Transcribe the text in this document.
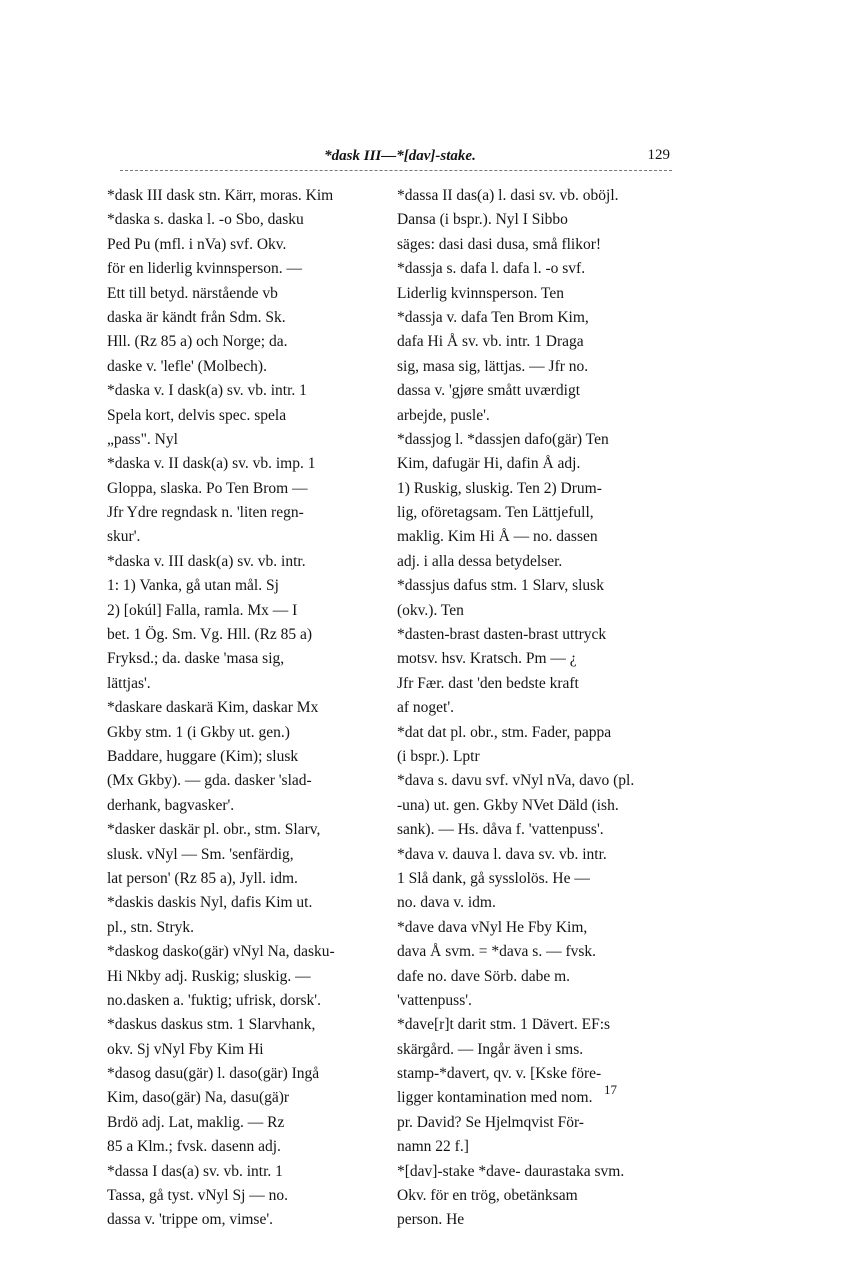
*dask III—*[dav]-stake.	129
*dask III dask stn. Kärr, moras. Kim
*daska s. daska l. -o Sbo, dasku
Ped Pu (mfl. i nVa) svf. Okv.
för en liderlig kvinnsperson. —
Ett till betyd. närstående vb
daska är kändt från Sdm. Sk.
Hll. (Rz 85 a) och Norge; da.
daske v. 'lefle' (Molbech).
*daska v. I dask(a) sv. vb. intr. 1
Spela kort, delvis spec. spela
„pass". Nyl
*daska v. II dask(a) sv. vb. imp. 1
Gloppa, slaska. Po Ten Brom —
Jfr Ydre regndask n. 'liten regn-
skur'.
*daska v. III dask(a) sv. vb. intr.
1: 1) Vanka, gå utan mål. Sj
2) [okúl] Falla, ramla. Mx — I
bet. 1 Ög. Sm. Vg. Hll. (Rz 85 a)
Fryksd.; da. daske 'masa sig,
lättjas'.
*daskare daskarä Kim, daskar Mx
Gkby stm. 1 (i Gkby ut. gen.)
Baddare, huggare (Kim); slusk
(Mx Gkby). — gda. dasker 'slad-
derhank, bagvasker'.
*dasker daskär pl. obr., stm. Slarv,
slusk. vNyl — Sm. 'senfärdig,
lat person' (Rz 85 a), Jyll. idm.
*daskis daskis Nyl, dafis Kim ut.
pl., stn. Stryk.
*daskog dasko(gär) vNyl Na, dasku-
Hi Nkby adj. Ruskig; sluskig. —
no.dasken a. 'fuktig; ufrisk, dorsk'.
*daskus daskus stm. 1 Slarvhank,
okv. Sj vNyl Fby Kim Hi
*dasog dasu(gär) l. daso(gär) Ingå
Kim, daso(gär) Na, dasu(gä)r
Brdö adj. Lat, maklig. — Rz
85 a Klm.; fvsk. dasenn adj.
*dassa I das(a) sv. vb. intr. 1
Tassa, gå tyst. vNyl Sj — no.
dassa v. 'trippe om, vimse'.
*dassa II das(a) l. dasi sv. vb. oböjl.
Dansa (i bspr.). Nyl I Sibbo
säges: dasi dasi dusa, små flikor!
*dassja s. dafa l. dafa l. -o svf.
Liderlig kvinnsperson. Ten
*dassja v. dafa Ten Brom Kim,
dafa Hi Å sv. vb. intr. 1 Draga
sig, masa sig, lättjas. — Jfr no.
dassa v. 'gjøre smått uværdigt
arbejde, pusle'.
*dassjog l. *dassjen dafo(gär) Ten
Kim, dafugär Hi, dafin Å adj.
1) Ruskig, sluskig. Ten 2) Drum-
lig, oföretagsam. Ten Lättjefull,
maklig. Kim Hi Å — no. dassen
adj. i alla dessa betydelser.
*dassjus dafus stm. 1 Slarv, slusk
(okv.). Ten
*dasten-brast dasten-brast uttryck
motsv. hsv. Kratsch. Pm — ¿
Jfr Fær. dast 'den bedste kraft
af noget'.
*dat dat pl. obr., stm. Fader, pappa
(i bspr.). Lptr
*dava s. davu svf. vNyl nVa, davo (pl.
-una) ut. gen. Gkby NVet Däld (ish.
sank). — Hs. dåva f. 'vattenpuss'.
*dava v. dauva l. dava sv. vb. intr.
1 Slå dank, gå sysslolös. He —
no. dava v. idm.
*dave dava vNyl He Fby Kim,
dava Å svm. = *dava s. — fvsk.
dafe no. dave Sörb. dabe m.
'vattenpuss'.
*dave[r]t darit stm. 1 Dävert. EF:s
skärgård. — Ingår även i sms.
stamp-*davert, qv. v. [Kske före-
ligger kontamination med nom.
pr. David? Se Hjelmqvist För-
namn 22 f.]
*[dav]-stake *dave- daurastaka svm.
Okv. för en trög, obetänksam
person. He
17
